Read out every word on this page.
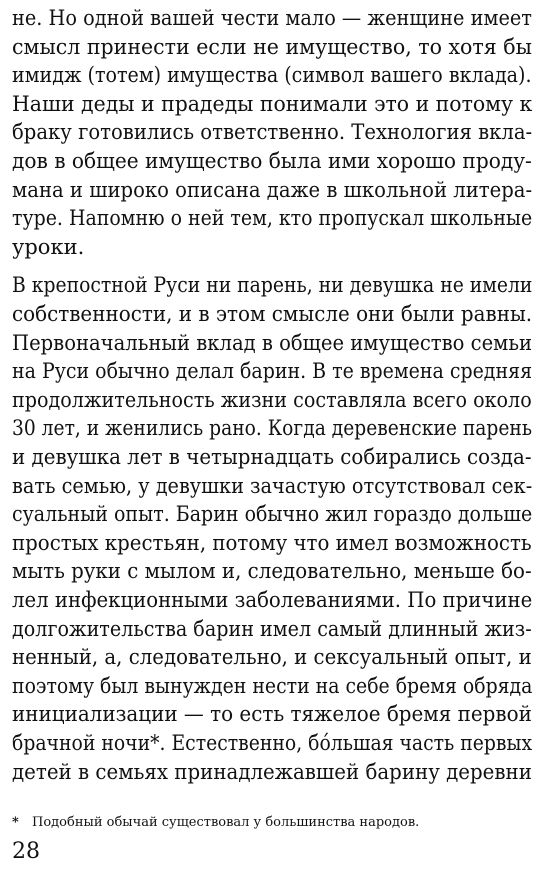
не. Но одной вашей чести мало — женщине имеет
смысл принести если не имущество, то хотя бы
имидж (тотем) имущества (символ вашего вклада).
Наши деды и прадеды понимали это и потому к
браку готовились ответственно. Технология вкла-
дов в общее имущество была ими хорошо проду-
мана и широко описана даже в школьной литера-
туре. Напомню о ней тем, кто пропускал школьные
уроки.
В крепостной Руси ни парень, ни девушка не имели
собственности, и в этом смысле они были равны.
Первоначальный вклад в общее имущество семьи
на Руси обычно делал барин. В те времена средняя
продолжительность жизни составляла всего около
30 лет, и женились рано. Когда деревенские парень
и девушка лет в четырнадцать собирались созда-
вать семью, у девушки зачастую отсутствовал сек-
суальный опыт. Барин обычно жил гораздо дольше
простых крестьян, потому что имел возможность
мыть руки с мылом и, следовательно, меньше бо-
лел инфекционными заболеваниями. По причине
долгожительства барин имел самый длинный жиз-
ненный, а, следовательно, и сексуальный опыт, и
поэтому был вынужден нести на себе бремя обряда
инициализации — то есть тяжелое бремя первой
брачной ночи*. Естественно, бóльшая часть первых
детей в семьях принадлежавшей барину деревни
* Подобный обычай существовал у большинства народов.
28
